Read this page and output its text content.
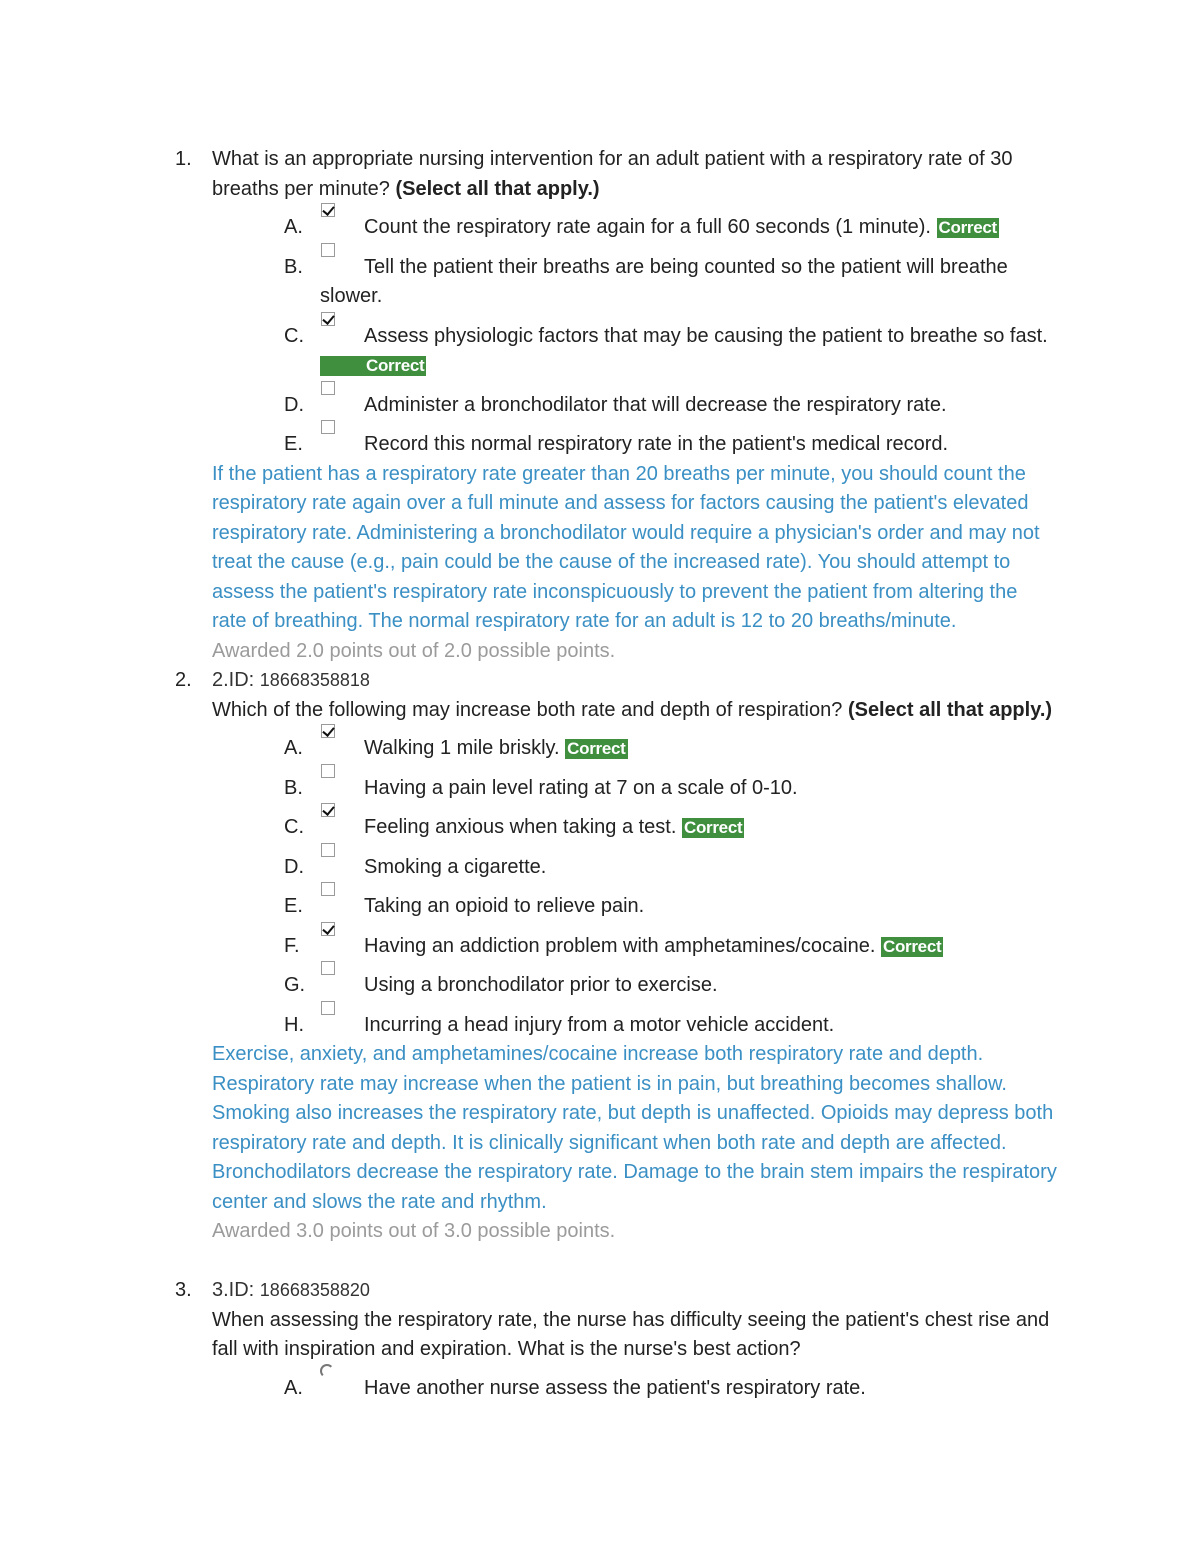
1. What is an appropriate nursing intervention for an adult patient with a respiratory rate of 30 breaths per minute? (Select all that apply.)

A.	Count the respiratory rate again for a full 60 seconds (1 minute). Correct
B.	Tell the patient their breaths are being counted so the patient will breathe slower.
C.	Assess physiologic factors that may be causing the patient to breathe so fast. Correct
D.	Administer a bronchodilator that will decrease the respiratory rate.
E.	Record this normal respiratory rate in the patient's medical record.

If the patient has a respiratory rate greater than 20 breaths per minute, you should count the respiratory rate again over a full minute and assess for factors causing the patient's elevated respiratory rate. Administering a bronchodilator would require a physician's order and may not treat the cause (e.g., pain could be the cause of the increased rate). You should attempt to assess the patient's respiratory rate inconspicuously to prevent the patient from altering the rate of breathing. The normal respiratory rate for an adult is 12 to 20 breaths/minute.

Awarded 2.0 points out of 2.0 possible points.

2. 2.ID: 18668358818

Which of the following may increase both rate and depth of respiration? (Select all that apply.)

A.	Walking 1 mile briskly. Correct
B.	Having a pain level rating at 7 on a scale of 0-10.
C.	Feeling anxious when taking a test. Correct
D.	Smoking a cigarette.
E.	Taking an opioid to relieve pain.
F.	Having an addiction problem with amphetamines/cocaine. Correct
G.	Using a bronchodilator prior to exercise.
H.	Incurring a head injury from a motor vehicle accident.

Exercise, anxiety, and amphetamines/cocaine increase both respiratory rate and depth. Respiratory rate may increase when the patient is in pain, but breathing becomes shallow. Smoking also increases the respiratory rate, but depth is unaffected. Opioids may depress both respiratory rate and depth. It is clinically significant when both rate and depth are affected. Bronchodilators decrease the respiratory rate. Damage to the brain stem impairs the respiratory center and slows the rate and rhythm.

Awarded 3.0 points out of 3.0 possible points.

3. 3.ID: 18668358820

When assessing the respiratory rate, the nurse has difficulty seeing the patient's chest rise and fall with inspiration and expiration. What is the nurse's best action?

A.	Have another nurse assess the patient's respiratory rate.
